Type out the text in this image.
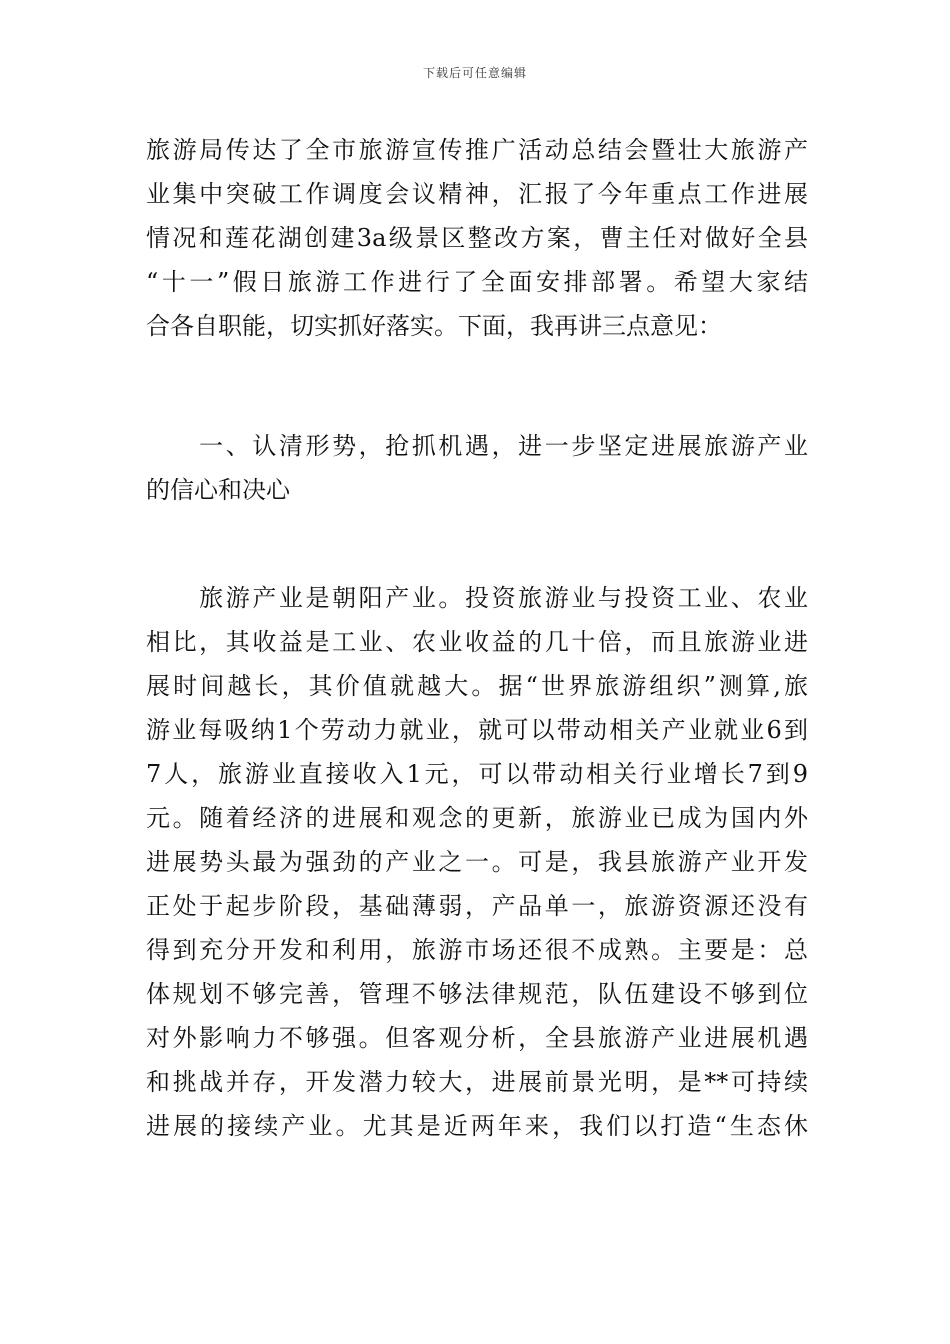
下载后可任意编辑
旅游局传达了全市旅游宣传推广活动总结会暨壮大旅游产
业集中突破工作调度会议精神，汇报了今年重点工作进展
情况和莲花湖创建3a级景区整改方案，曹主任对做好全县
“十一”假日旅游工作进行了全面安排部署。希望大家结
合各自职能，切实抓好落实。下面，我再讲三点意见：
　　一、认清形势，抢抓机遇，进一步坚定进展旅游产业
的信心和决心
　　旅游产业是朝阳产业。投资旅游业与投资工业、农业
相比，其收益是工业、农业收益的几十倍，而且旅游业进
展时间越长，其价值就越大。据“世界旅游组织”测算,旅
游业每吸纳1个劳动力就业，就可以带动相关产业就业6到
7人，旅游业直接收入1元，可以带动相关行业增长7到9
元。随着经济的进展和观念的更新，旅游业已成为国内外
进展势头最为强劲的产业之一。可是，我县旅游产业开发
正处于起步阶段，基础薄弱，产品单一，旅游资源还没有
得到充分开发和利用，旅游市场还很不成熟。主要是：总
体规划不够完善，管理不够法律规范，队伍建设不够到位
对外影响力不够强。但客观分析，全县旅游产业进展机遇
和挑战并存，开发潜力较大，进展前景光明，是**可持续
进展的接续产业。尤其是近两年来，我们以打造“生态休
